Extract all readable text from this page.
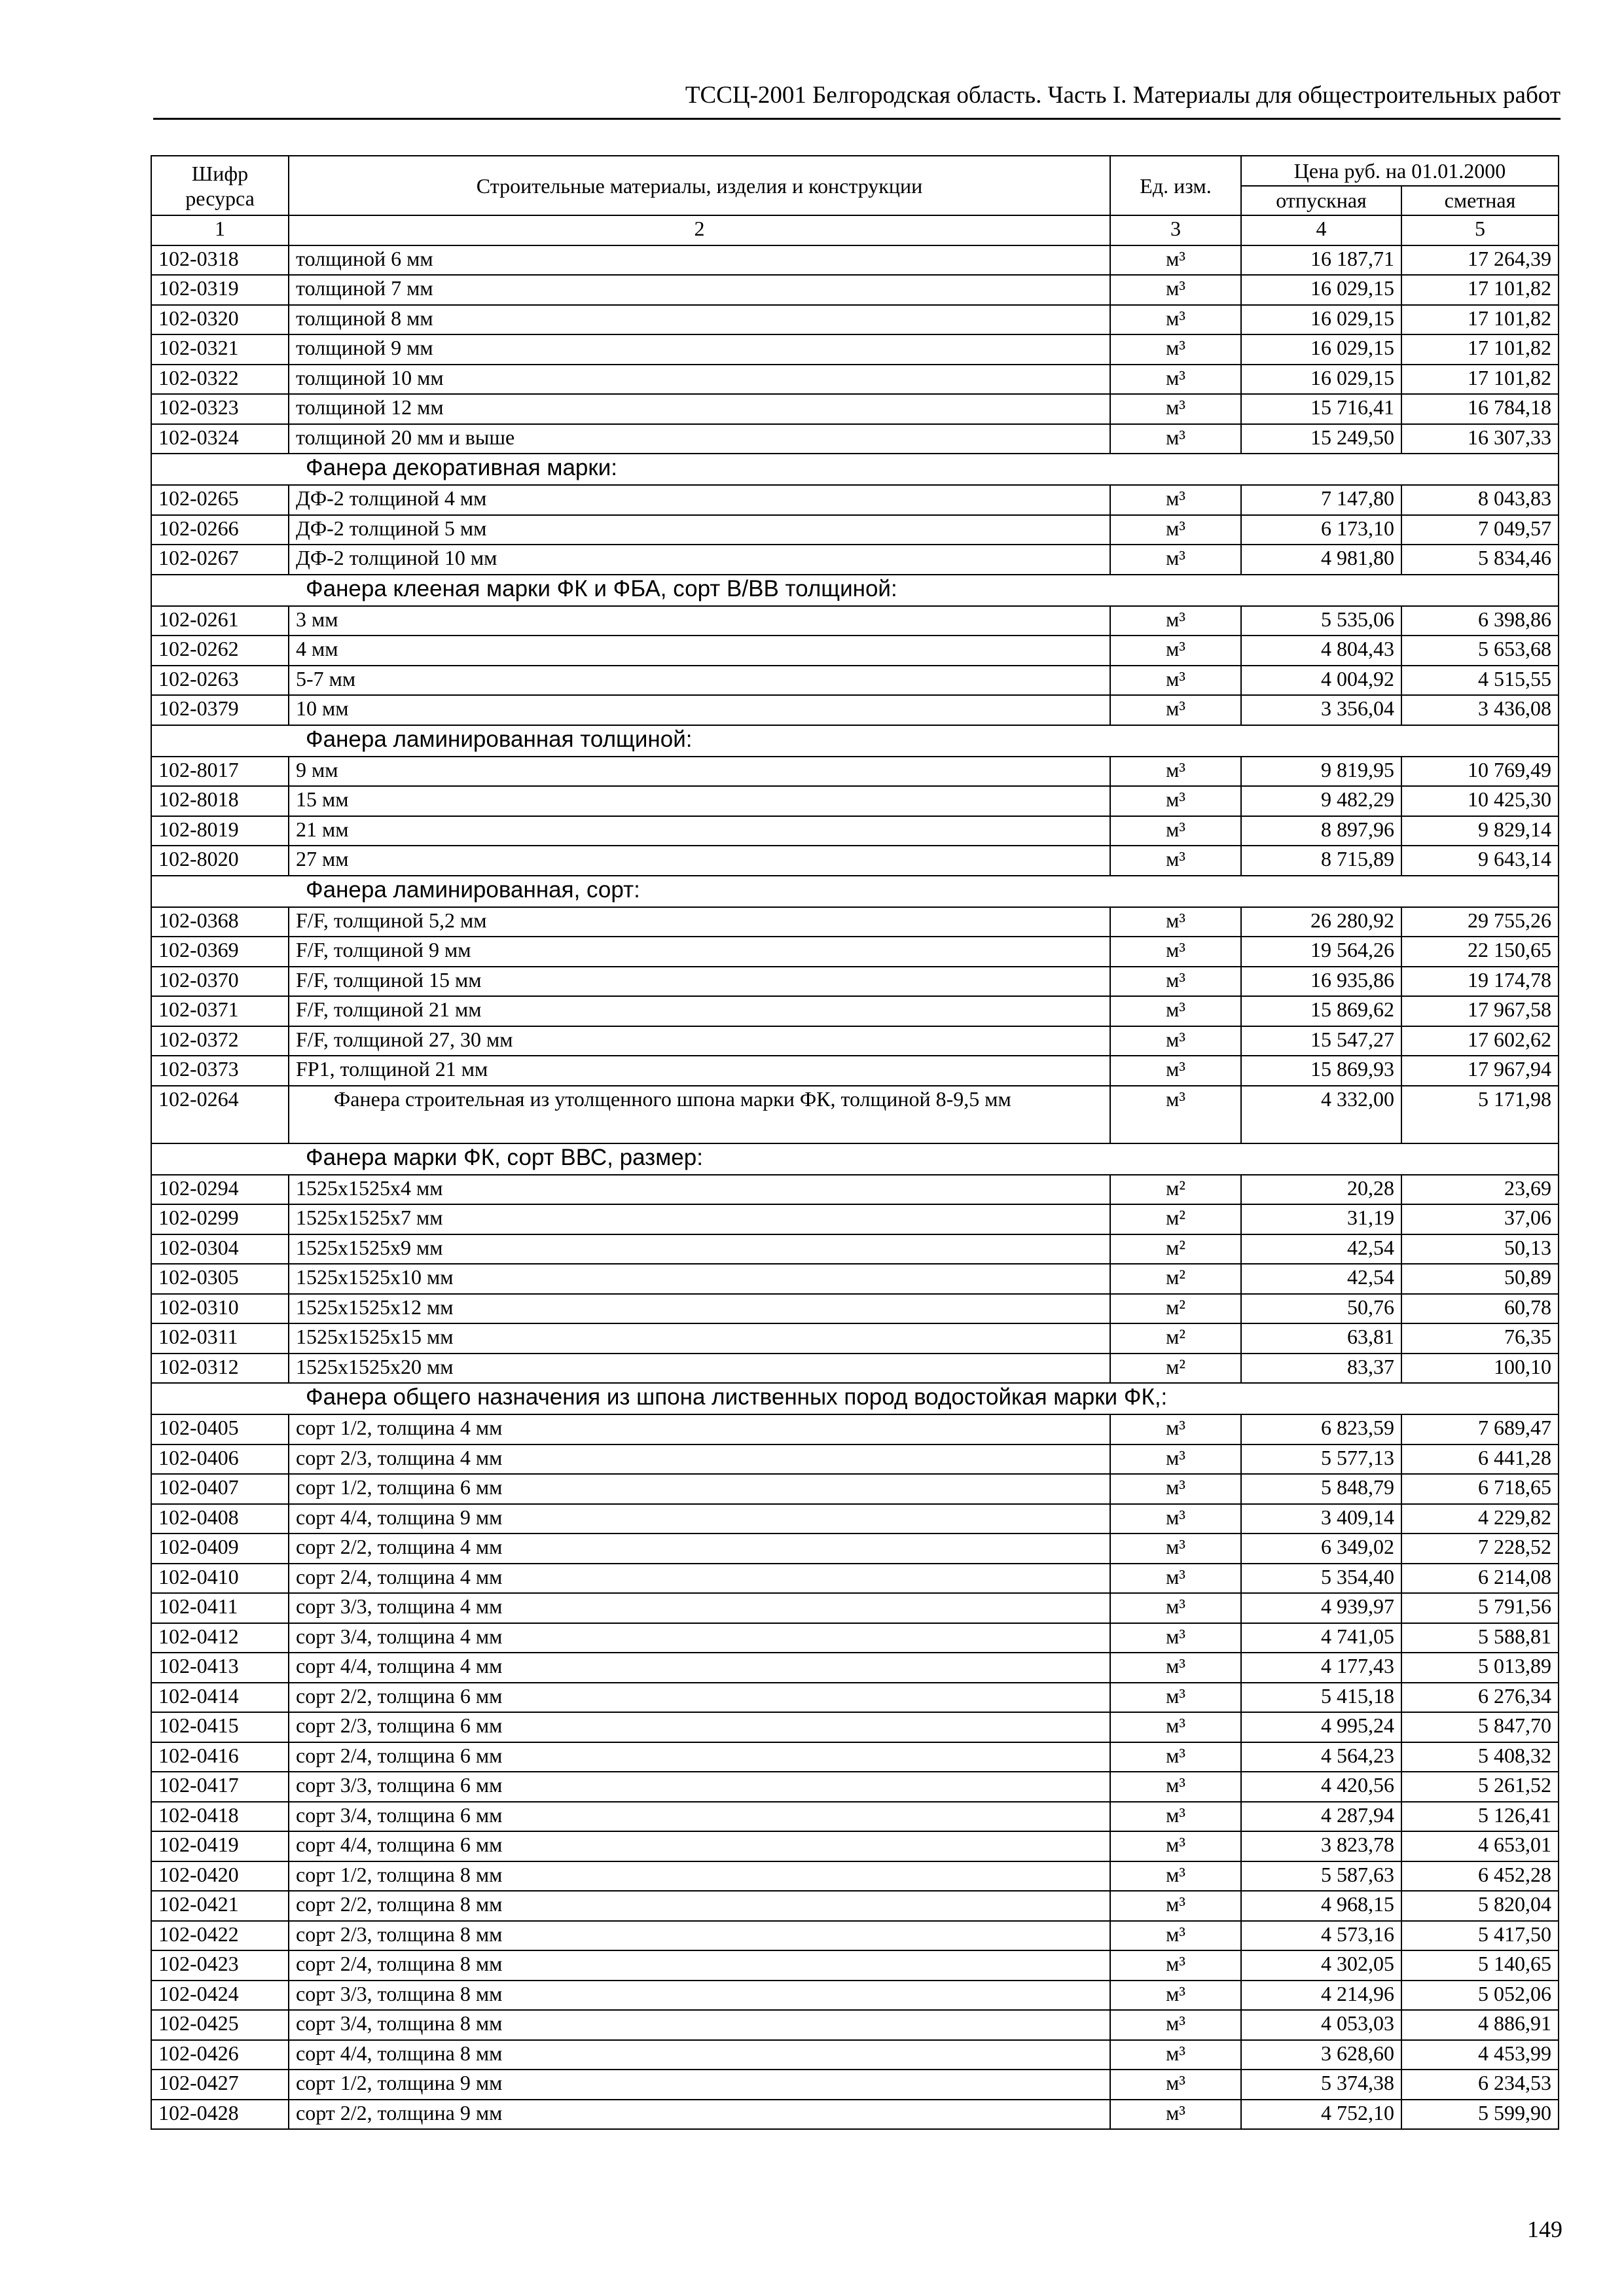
ТССЦ-2001 Белгородская область. Часть I. Материалы для общестроительных работ
Шифр ресурса	Строительные материалы, изделия и конструкции	Ед. изм.	Цена руб. на 01.01.2000	
			отпускная	сметная
1	2	3	4	5
102-0318	толщиной 6 мм	м³	16 187,71	17 264,39
102-0319	толщиной 7 мм	м³	16 029,15	17 101,82
102-0320	толщиной 8 мм	м³	16 029,15	17 101,82
102-0321	толщиной 9 мм	м³	16 029,15	17 101,82
102-0322	толщиной 10 мм	м³	16 029,15	17 101,82
102-0323	толщиной 12 мм	м³	15 716,41	16 784,18
102-0324	толщиной 20 мм и выше	м³	15 249,50	16 307,33
Фанера декоративная марки:				
102-0265	ДФ-2 толщиной 4 мм	м³	7 147,80	8 043,83
102-0266	ДФ-2 толщиной 5 мм	м³	6 173,10	7 049,57
102-0267	ДФ-2 толщиной 10 мм	м³	4 981,80	5 834,46
Фанера клееная марки ФК и ФБА, сорт В/ВВ толщиной:				
102-0261	3 мм	м³	5 535,06	6 398,86
102-0262	4 мм	м³	4 804,43	5 653,68
102-0263	5-7 мм	м³	4 004,92	4 515,55
102-0379	10 мм	м³	3 356,04	3 436,08
Фанера ламинированная толщиной:				
102-8017	9 мм	м³	9 819,95	10 769,49
102-8018	15 мм	м³	9 482,29	10 425,30
102-8019	21 мм	м³	8 897,96	9 829,14
102-8020	27 мм	м³	8 715,89	9 643,14
Фанера ламинированная, сорт:				
102-0368	F/F, толщиной 5,2 мм	м³	26 280,92	29 755,26
102-0369	F/F, толщиной 9 мм	м³	19 564,26	22 150,65
102-0370	F/F, толщиной 15 мм	м³	16 935,86	19 174,78
102-0371	F/F, толщиной 21 мм	м³	15 869,62	17 967,58
102-0372	F/F, толщиной 27, 30 мм	м³	15 547,27	17 602,62
102-0373	FP1, толщиной 21 мм	м³	15 869,93	17 967,94
102-0264	Фанера строительная из утолщенного шпона марки ФК, толщиной 8-9,5 мм	м³	4 332,00	5 171,98
Фанера марки ФК, сорт ВВС, размер:				
102-0294	1525х1525х4 мм	м²	20,28	23,69
102-0299	1525х1525х7 мм	м²	31,19	37,06
102-0304	1525х1525х9 мм	м²	42,54	50,13
102-0305	1525х1525х10 мм	м²	42,54	50,89
102-0310	1525х1525х12 мм	м²	50,76	60,78
102-0311	1525х1525х15 мм	м²	63,81	76,35
102-0312	1525х1525х20 мм	м²	83,37	100,10
Фанера общего назначения из шпона лиственных пород водостойкая марки ФК,:				
102-0405	сорт 1/2, толщина 4 мм	м³	6 823,59	7 689,47
102-0406	сорт 2/3, толщина 4 мм	м³	5 577,13	6 441,28
102-0407	сорт 1/2, толщина 6 мм	м³	5 848,79	6 718,65
102-0408	сорт 4/4, толщина 9 мм	м³	3 409,14	4 229,82
102-0409	сорт 2/2, толщина 4 мм	м³	6 349,02	7 228,52
102-0410	сорт 2/4, толщина 4 мм	м³	5 354,40	6 214,08
102-0411	сорт 3/3, толщина 4 мм	м³	4 939,97	5 791,56
102-0412	сорт 3/4, толщина 4 мм	м³	4 741,05	5 588,81
102-0413	сорт 4/4, толщина 4 мм	м³	4 177,43	5 013,89
102-0414	сорт 2/2, толщина 6 мм	м³	5 415,18	6 276,34
102-0415	сорт 2/3, толщина 6 мм	м³	4 995,24	5 847,70
102-0416	сорт 2/4, толщина 6 мм	м³	4 564,23	5 408,32
102-0417	сорт 3/3, толщина 6 мм	м³	4 420,56	5 261,52
102-0418	сорт 3/4, толщина 6 мм	м³	4 287,94	5 126,41
102-0419	сорт 4/4, толщина 6 мм	м³	3 823,78	4 653,01
102-0420	сорт 1/2, толщина 8 мм	м³	5 587,63	6 452,28
102-0421	сорт 2/2, толщина 8 мм	м³	4 968,15	5 820,04
102-0422	сорт 2/3, толщина 8 мм	м³	4 573,16	5 417,50
102-0423	сорт 2/4, толщина 8 мм	м³	4 302,05	5 140,65
102-0424	сорт 3/3, толщина 8 мм	м³	4 214,96	5 052,06
102-0425	сорт 3/4, толщина 8 мм	м³	4 053,03	4 886,91
102-0426	сорт 4/4, толщина 8 мм	м³	3 628,60	4 453,99
102-0427	сорт 1/2, толщина 9 мм	м³	5 374,38	6 234,53
102-0428	сорт 2/2, толщина 9 мм	м³	4 752,10	5 599,90
149
